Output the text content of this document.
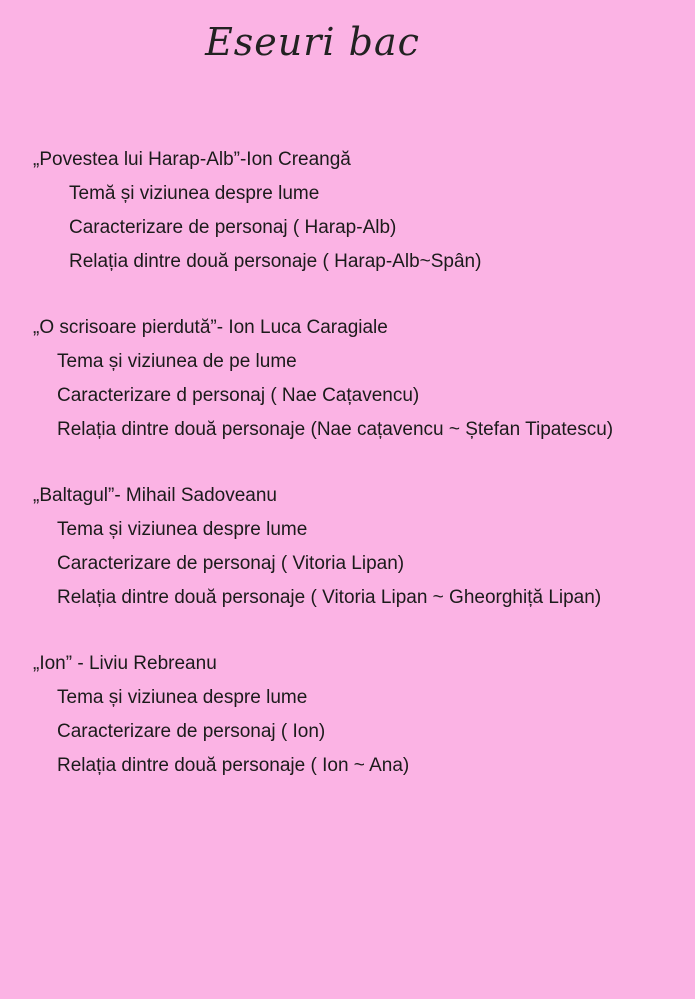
Eseuri bac
„Povestea lui Harap-Alb”-Ion Creangă
Temă și viziunea despre lume
Caracterizare de personaj ( Harap-Alb)
Relația dintre două personaje ( Harap-Alb~Spân)
„O scrisoare pierdută”- Ion Luca Caragiale
Tema și viziunea de pe lume
Caracterizare d personaj ( Nae Cațavencu)
Relația dintre două personaje (Nae cațavencu ~ Ștefan Tipatescu)
„Baltagul”- Mihail Sadoveanu
Tema și viziunea despre lume
Caracterizare de personaj ( Vitoria Lipan)
Relația dintre două personaje ( Vitoria Lipan ~ Gheorghiță Lipan)
„Ion” - Liviu Rebreanu
Tema și viziunea despre lume
Caracterizare de personaj ( Ion)
Relația dintre două personaje ( Ion ~ Ana)
